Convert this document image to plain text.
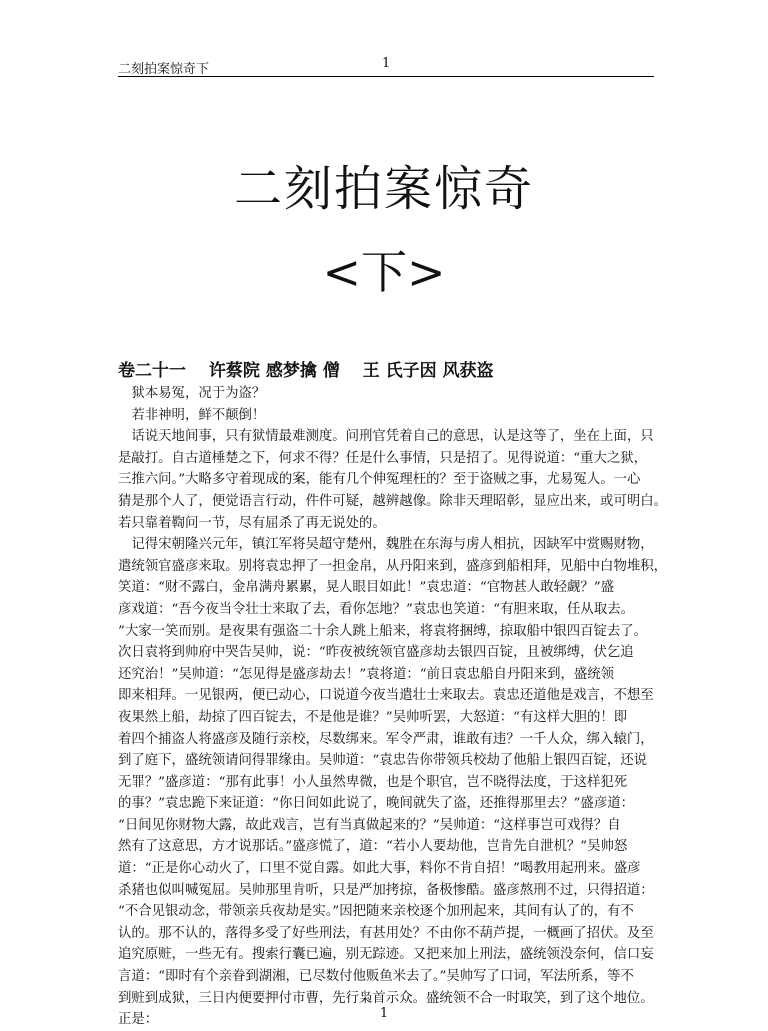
二刻拍案惊奇下	1
二刻拍案惊奇
<下>
卷二十一　 许蔡院 感梦擒 僧　 王 氏子因 风获盗
　狱本易冤，况于为盗？
　若非神明，鲜不颠倒！
　话说天地间事，只有狱情最难测度。问刑官凭着自己的意思，认是这等了，坐在上面，只
是敲打。自古道棰楚之下，何求不得？任是什么事情，只是招了。见得说道：“重大之狱，
三推六问。”大略多守着现成的案，能有几个伸冤理枉的？至于盗贼之事，尤易冤人。一心
猜是那个人了，便觉语言行动，件件可疑，越辨越像。除非天理昭彰，显应出来，或可明白。
若只靠着鞫问一节，尽有屈杀了再无说处的。
　记得宋朝隆兴元年，镇江军将吴超守楚州，魏胜在东海与虏人相抗，因缺军中赏赐财物，
遣统领官盛彦来取。别将袁忠押了一担金帛，从丹阳来到，盛彦到船相拜，见船中白物堆积，
笑道：“财不露白，金帛满舟累累，晃人眼目如此！”袁忠道：“官物甚人敢轻觑？”盛
彦戏道：“吾今夜当令壮士来取了去，看你怎地？”袁忠也笑道：“有胆来取，任从取去。
”大家一笑而别。是夜果有强盗二十余人跳上船来，将袁将捆缚，掠取船中银四百锭去了。
次日袁将到帅府中哭告吴帅，说：“昨夜被统领官盛彦劫去银四百锭，且被绑缚，伏乞追
还究治！”吴帅道：“怎见得是盛彦劫去！”袁将道：“前日袁忠船自丹阳来到，盛统领
即来相拜。一见银两，便已动心，口说道今夜当遣壮士来取去。袁忠还道他是戏言，不想至
夜果然上船，劫掠了四百锭去，不是他是谁？”吴帅听罢，大怒道：“有这样大胆的！即
着四个捕盗人将盛彦及随行亲校，尽数绑来。军令严肃，谁敢有违？一千人众，绑入辕门，
到了庭下，盛统领请问得罪缘由。吴帅道：“袁忠告你带领兵校劫了他船上银四百锭，还说
无罪？”盛彦道：“那有此事！小人虽然卑微，也是个职官，岂不晓得法度，于这样犯死
的事？”袁忠跪下来证道：“你日间如此说了，晚间就失了盗，还推得那里去？”盛彦道：
“日间见你财物大露，故此戏言，岂有当真做起来的？”吴帅道：“这样事岂可戏得？自
然有了这意思，方才说那话。”盛彦慌了，道：“若小人要劫他，岂肯先自泄机？”吴帅怒
道：“正是你心动火了，口里不觉自露。如此大事，料你不肯自招！”喝教用起刑来。盛彦
杀猪也似叫喊冤屈。吴帅那里肯听，只是严加拷掠，备极惨酷。盛彦熬刑不过，只得招道：
“不合见银动念，带领亲兵夜劫是实。”因把随来亲校逐个加刑起来，其间有认了的，有不
认的。那不认的，落得多受了好些刑法，有甚用处？不由你不葫芦提，一概画了招伏。及至
追究原赃，一些无有。搜索行囊已遍，别无踪迹。又把来加上刑法，盛统领没奈何，信口妄
言道：“即时有个亲眷到湖湘，已尽数付他贩鱼米去了。”吴帅写了口词，军法所系，等不
到赃到成狱，三日内便要押付市曹，先行枭首示众。盛统领不合一时取笑，到了这个地位。
正是：	1
